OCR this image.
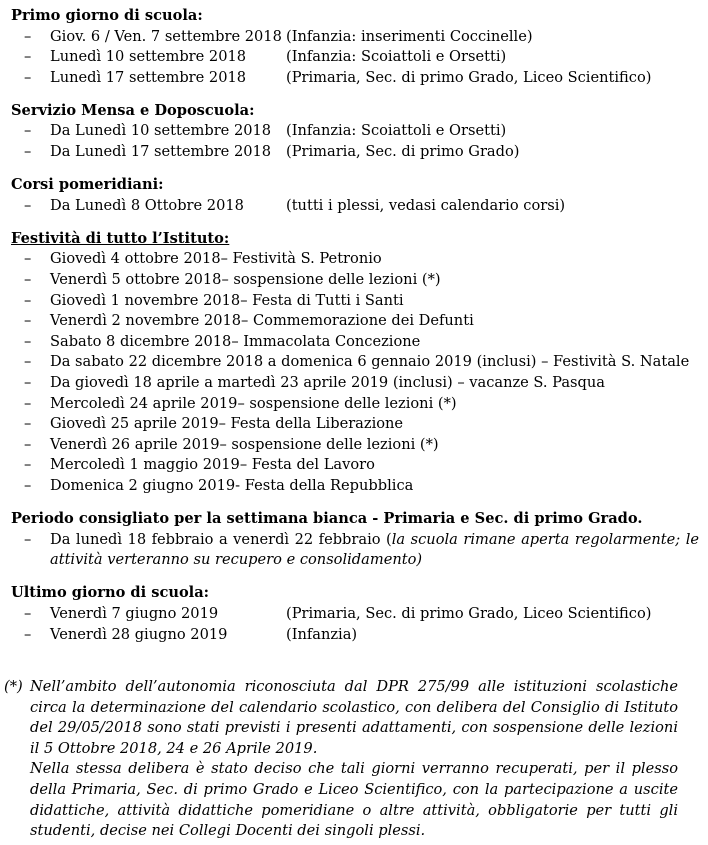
Primo giorno di scuola:
– Giov. 6 / Ven. 7 settembre 2018 (Infanzia: inserimenti Coccinelle)
– Lunedì 10 settembre 2018	(Infanzia: Scoiattoli e Orsetti)
– Lunedì 17 settembre 2018	(Primaria, Sec. di primo Grado, Liceo Scientifico)
Servizio Mensa e Doposcuola:
– Da Lunedì 10 settembre 2018 (Infanzia: Scoiattoli e Orsetti)
– Da Lunedì 17 settembre 2018 (Primaria, Sec. di primo Grado)
Corsi pomeridiani:
– Da Lunedì 8 Ottobre 2018	(tutti i plessi, vedasi calendario corsi)
Festività di tutto l’Istituto:
– Giovedì 4 ottobre 2018– Festività S. Petronio
– Venerdì 5 ottobre 2018– sospensione delle lezioni (*)
– Giovedì 1 novembre 2018– Festa di Tutti i Santi
– Venerdì 2 novembre 2018– Commemorazione dei Defunti
– Sabato 8 dicembre 2018– Immacolata Concezione
– Da sabato 22 dicembre 2018 a domenica 6 gennaio 2019 (inclusi) – Festività S. Natale
– Da giovedì 18 aprile a martedì 23 aprile 2019 (inclusi) – vacanze S. Pasqua
– Mercoledì 24 aprile 2019– sospensione delle lezioni (*)
– Giovedì 25 aprile 2019– Festa della Liberazione
– Venerdì 26 aprile 2019– sospensione delle lezioni (*)
– Mercoledì 1 maggio 2019– Festa del Lavoro
– Domenica 2 giugno 2019- Festa della Repubblica
Periodo consigliato per la settimana bianca - Primaria e Sec. di primo Grado.
– Da lunedì 18 febbraio a venerdì 22 febbraio (la scuola rimane aperta regolarmente; le attività verteranno su recupero e consolidamento)
Ultimo giorno di scuola:
– Venerdì 7 giugno 2019	(Primaria, Sec. di primo Grado, Liceo Scientifico)
– Venerdì 28 giugno 2019	(Infanzia)
(*) Nell’ambito dell’autonomia riconosciuta dal DPR 275/99 alle istituzioni scolastiche circa la determinazione del calendario scolastico, con delibera del Consiglio di Istituto del 29/05/2018 sono stati previsti i presenti adattamenti, con sospensione delle lezioni il 5 Ottobre 2018, 24 e 26 Aprile 2019.

Nella stessa delibera è stato deciso che tali giorni verranno recuperati, per il plesso della Primaria, Sec. di primo Grado e Liceo Scientifico, con la partecipazione a uscite didattiche, attività didattiche pomeridiane o altre attività, obbligatorie per tutti gli studenti, decise nei Collegi Docenti dei singoli plessi.
